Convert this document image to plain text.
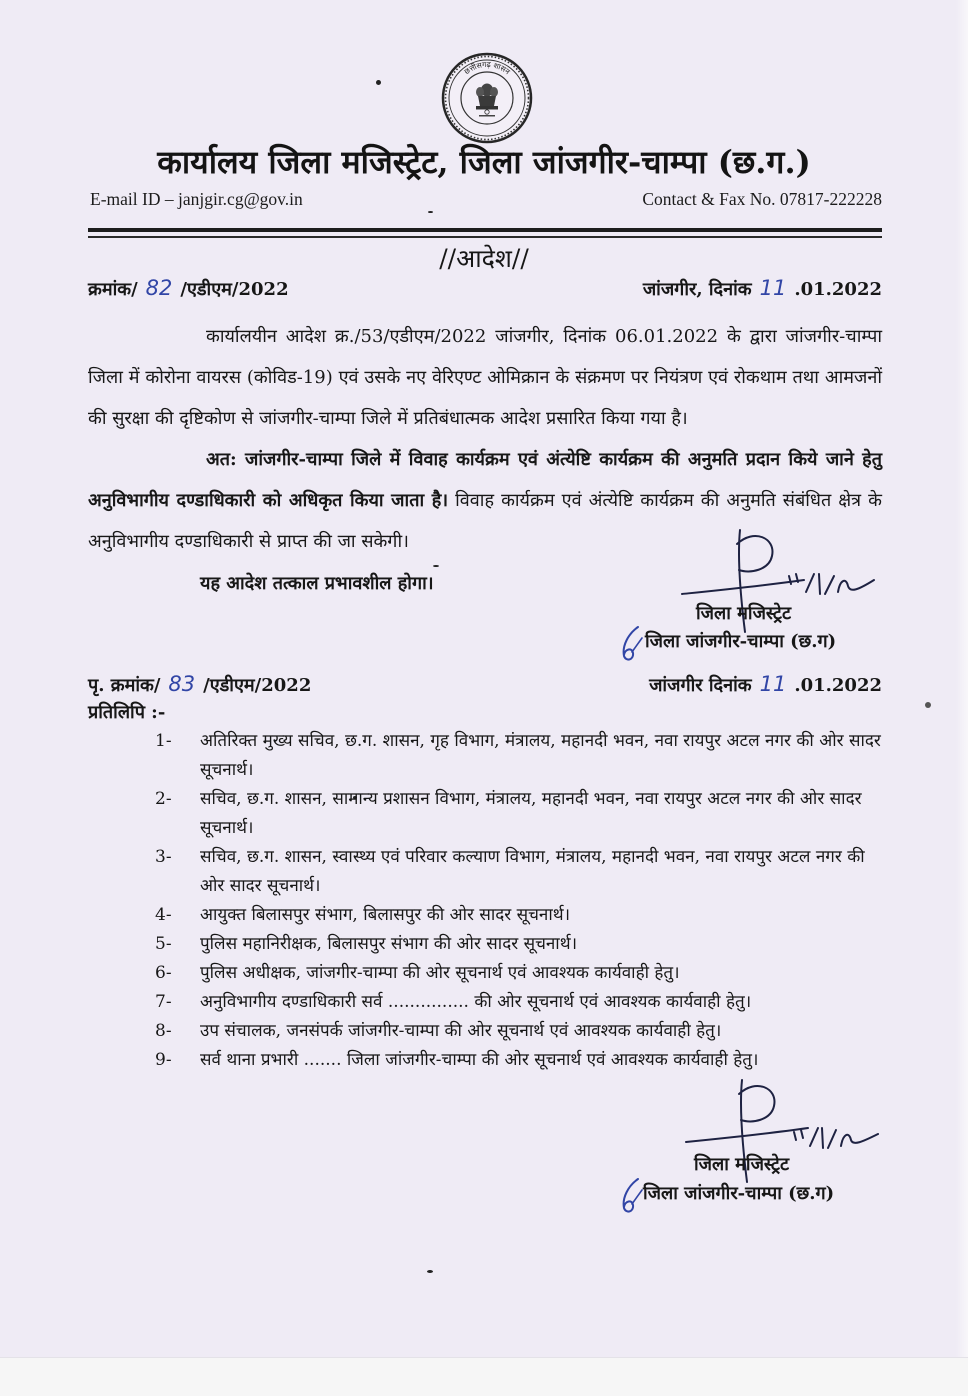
छत्तीसगढ़ शासन
कार्यालय जिला मजिस्ट्रेट, जिला जांजगीर-चाम्पा (छ.ग.)
E-mail ID – janjgir.cg@gov.in	Contact & Fax No. 07817-222228
//आदेश//
क्रमांक/ 82 /एडीएम/2022	जांजगीर, दिनांक 11 .01.2022

कार्यालयीन आदेश क्र./53/एडीएम/2022 जांजगीर, दिनांक 06.01.2022 के द्वारा जांजगीर-चाम्पा जिला में कोरोना वायरस (कोविड-19) एवं उसके नए वेरिएण्ट ओमिक्रान के संक्रमण पर नियंत्रण एवं रोकथाम तथा आमजनों की सुरक्षा की दृष्टिकोण से जांजगीर-चाम्पा जिले में प्रतिबंधात्मक आदेश प्रसारित किया गया है।

अत: जांजगीर-चाम्पा जिले में विवाह कार्यक्रम एवं अंत्येष्टि कार्यक्रम की अनुमति प्रदान किये जाने हेतु अनुविभागीय दण्डाधिकारी को अधिकृत किया जाता है। विवाह कार्यक्रम एवं अंत्येष्टि कार्यक्रम की अनुमति संबंधित क्षेत्र के अनुविभागीय दण्डाधिकारी से प्राप्त की जा सकेगी।

यह आदेश तत्काल प्रभावशील होगा।
जिला मजिस्ट्रेट
जिला जांजगीर-चाम्पा (छ.ग)
पृ. क्रमांक/ 83 /एडीएम/2022	जांजगीर दिनांक 11 .01.2022
प्रतिलिपि :-
1-	अतिरिक्त मुख्य सचिव, छ.ग. शासन, गृह विभाग, मंत्रालय, महानदी भवन, नवा रायपुर अटल नगर की ओर सादर सूचनार्थ।
2-	सचिव, छ.ग. शासन, सामान्य प्रशासन विभाग, मंत्रालय, महानदी भवन, नवा रायपुर अटल नगर की ओर सादर सूचनार्थ।
3-	सचिव, छ.ग. शासन, स्वास्थ्य एवं परिवार कल्याण विभाग, मंत्रालय, महानदी भवन, नवा रायपुर अटल नगर की ओर सादर सूचनार्थ।
4-	आयुक्त बिलासपुर संभाग, बिलासपुर की ओर सादर सूचनार्थ।
5-	पुलिस महानिरीक्षक, बिलासपुर संभाग की ओर सादर सूचनार्थ।
6-	पुलिस अधीक्षक, जांजगीर-चाम्पा की ओर सूचनार्थ एवं आवश्यक कार्यवाही हेतु।
7-	अनुविभागीय दण्डाधिकारी सर्व ............... की ओर सूचनार्थ एवं आवश्यक कार्यवाही हेतु।
8-	उप संचालक, जनसंपर्क जांजगीर-चाम्पा की ओर सूचनार्थ एवं आवश्यक कार्यवाही हेतु।
9-	सर्व थाना प्रभारी ....... जिला जांजगीर-चाम्पा की ओर सूचनार्थ एवं आवश्यक कार्यवाही हेतु।
जिला मजिस्ट्रेट
जिला जांजगीर-चाम्पा (छ.ग)
